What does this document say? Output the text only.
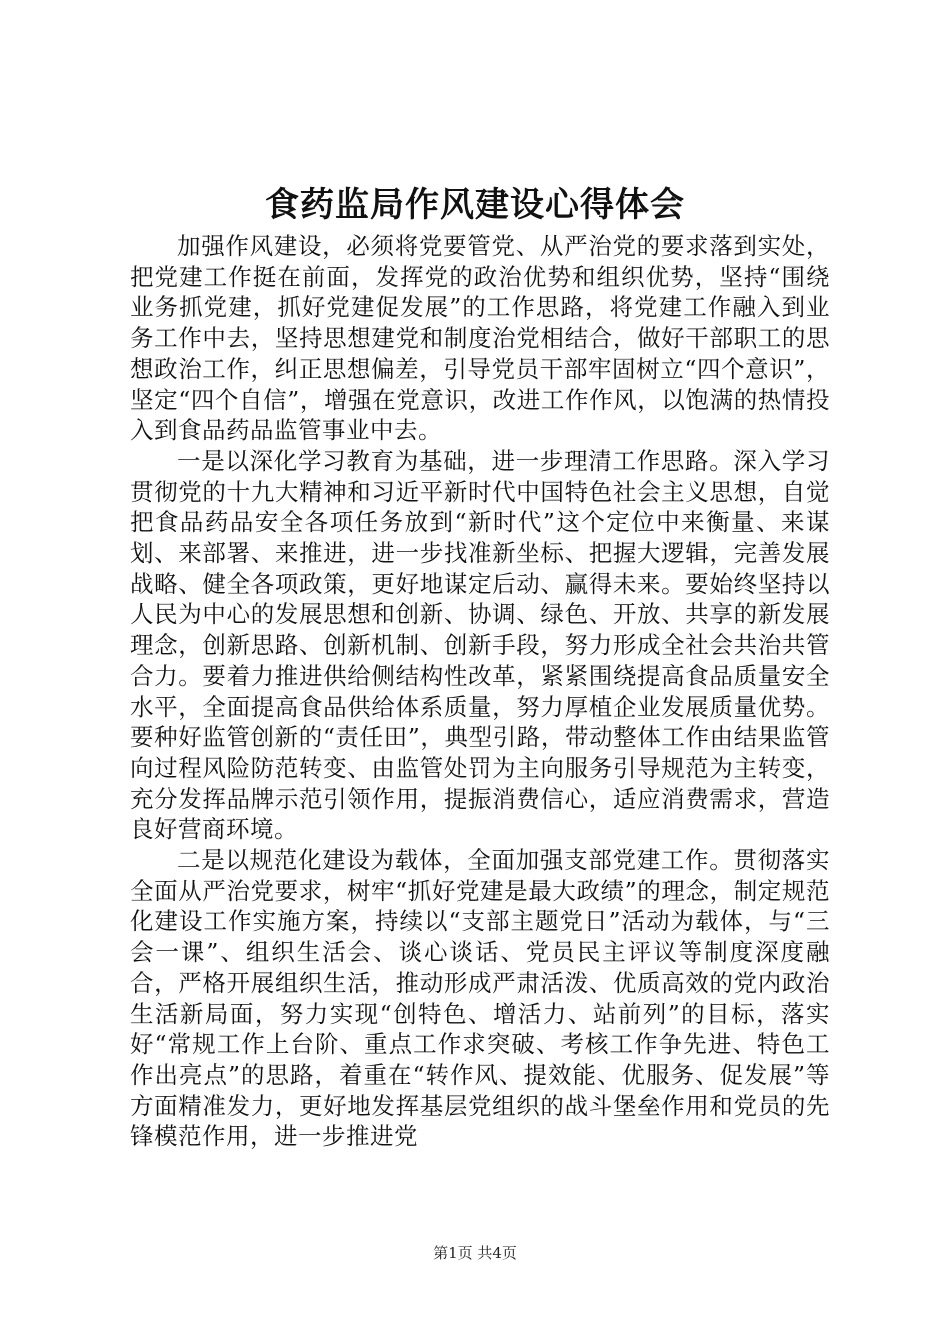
食药监局作风建设心得体会

加强作风建设，必须将党要管党、从严治党的要求落到实处，把党建工作挺在前面，发挥党的政治优势和组织优势，坚持“围绕业务抓党建，抓好党建促发展”的工作思路，将党建工作融入到业务工作中去，坚持思想建党和制度治党相结合，做好干部职工的思想政治工作，纠正思想偏差，引导党员干部牢固树立“四个意识”，坚定“四个自信”，增强在党意识，改进工作作风，以饱满的热情投入到食品药品监管事业中去。

一是以深化学习教育为基础，进一步理清工作思路。深入学习贯彻党的十九大精神和习近平新时代中国特色社会主义思想，自觉把食品药品安全各项任务放到“新时代”这个定位中来衡量、来谋划、来部署、来推进，进一步找准新坐标、把握大逻辑，完善发展战略、健全各项政策，更好地谋定后动、赢得未来。要始终坚持以人民为中心的发展思想和创新、协调、绿色、开放、共享的新发展理念，创新思路、创新机制、创新手段，努力形成全社会共治共管合力。要着力推进供给侧结构性改革，紧紧围绕提高食品质量安全水平，全面提高食品供给体系质量，努力厚植企业发展质量优势。要种好监管创新的“责任田”，典型引路，带动整体工作由结果监管向过程风险防范转变、由监管处罚为主向服务引导规范为主转变，充分发挥品牌示范引领作用，提振消费信心，适应消费需求，营造良好营商环境。

二是以规范化建设为载体，全面加强支部党建工作。贯彻落实全面从严治党要求，树牢“抓好党建是最大政绩”的理念，制定规范化建设工作实施方案，持续以“支部主题党日”活动为载体，与“三会一课”、组织生活会、谈心谈话、党员民主评议等制度深度融合，严格开展组织生活，推动形成严肃活泼、优质高效的党内政治生活新局面，努力实现“创特色、增活力、站前列”的目标，落实好“常规工作上台阶、重点工作求突破、考核工作争先进、特色工作出亮点”的思路，着重在“转作风、提效能、优服务、促发展”等方面精准发力，更好地发挥基层党组织的战斗堡垒作用和党员的先锋模范作用，进一步推进党

第1页 共4页
